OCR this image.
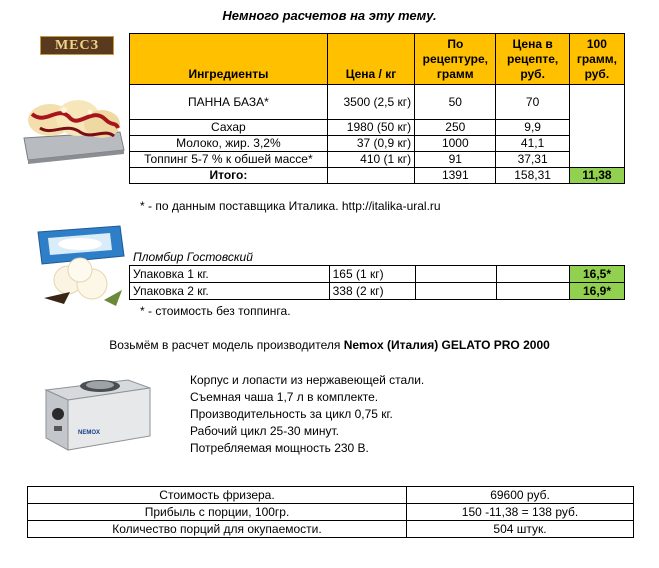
Немного расчетов на эту тему.
МЕСЗ
Ингредиенты	Цена / кг	По рецептуре, грамм	Цена в рецепте, руб.	100 грамм, руб.
ПАННА БАЗА*	3500 (2,5 кг)	50	70	
Сахар	1980 (50 кг)	250	9,9	
Молоко, жир. 3,2%	37 (0,9 кг)	1000	41,1	
Топпинг 5-7 % к обшей массе*	410 (1 кг)	91	37,31	
Итого:		1391	158,31	11,38
* - по данным поставщика Италика. http://italika-ural.ru
Пломбир Гостовский
Упаковка 1 кг.	165 (1 кг)			16,5*
Упаковка 2 кг.	338 (2 кг)			16,9*
* - стоимость без топпинга.
Возьмём в расчет модель производителя Nemox (Италия) GELATO PRO 2000
NEMOX
Корпус и лопасти из нержавеющей стали.
Съемная чаша 1,7 л в комплекте.
Производительность за цикл 0,75 кг.
Рабочий цикл 25-30 минут.
Потребляемая мощность 230 В.
Стоимость фризера.	69600 руб.
Прибыль с порции, 100гр.	150 -11,38 = 138 руб.
Количество порций для окупаемости.	504 штук.
